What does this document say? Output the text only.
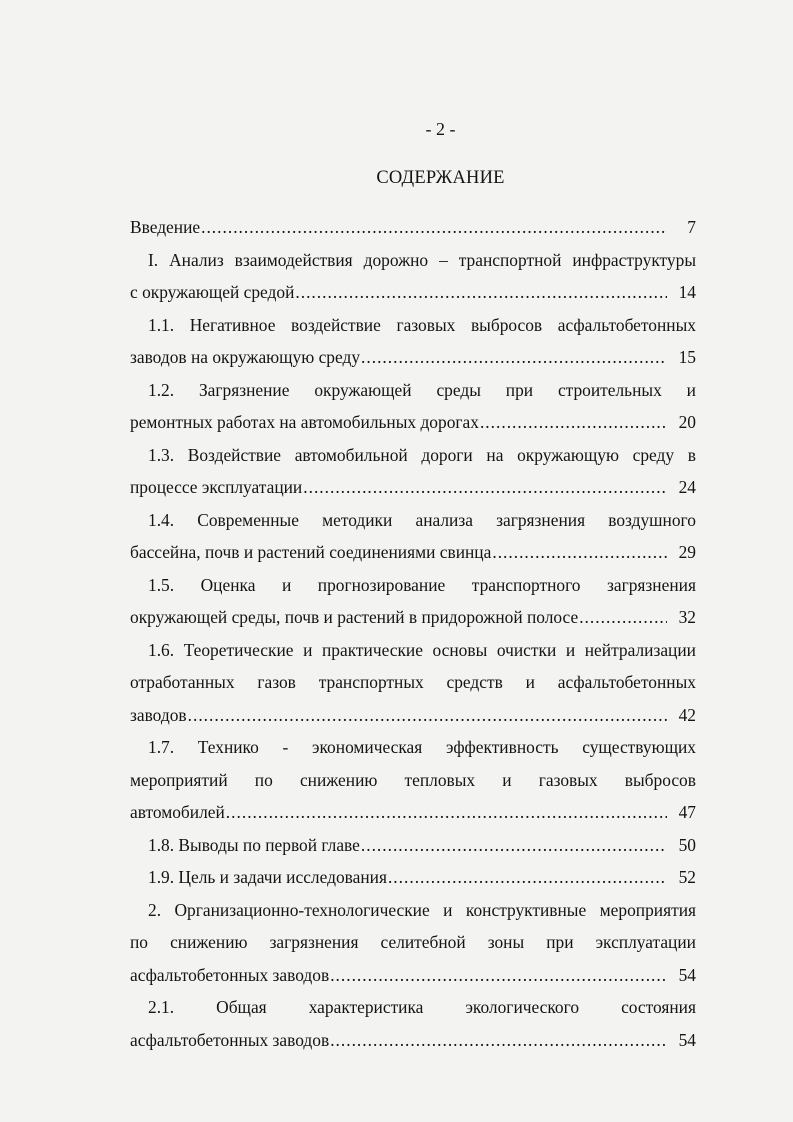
- 2 -
СОДЕРЖАНИЕ
Введение .....	7
I. Анализ взаимодействия дорожно – транспортной инфраструктуры
с окружающей средой .....	14
1.1. Негативное воздействие газовых выбросов асфальтобетонных
заводов на окружающую среду .....	15
1.2. Загрязнение окружающей среды при строительных и
ремонтных работах на автомобильных дорогах .....	20
1.3. Воздействие автомобильной дороги на окружающую среду в
процессе эксплуатации .....	24
1.4. Современные методики анализа загрязнения воздушного
бассейна, почв и растений соединениями свинца .....	29
1.5. Оценка и прогнозирование транспортного загрязнения
окружающей среды, почв и растений в придорожной полосе .....	32
1.6. Теоретические и практические основы очистки и нейтрализации
отработанных газов транспортных средств и асфальтобетонных
заводов .....	42
1.7. Технико - экономическая эффективность существующих
мероприятий по снижению тепловых и газовых выбросов
автомобилей .....	47
1.8. Выводы по первой главе .....	50
1.9. Цель и задачи исследования .....	52
2. Организационно-технологические и конструктивные мероприятия
по снижению загрязнения селитебной зоны при эксплуатации
асфальтобетонных заводов .....	54
2.1. Общая характеристика экологического состояния
асфальтобетонных заводов .....	54
